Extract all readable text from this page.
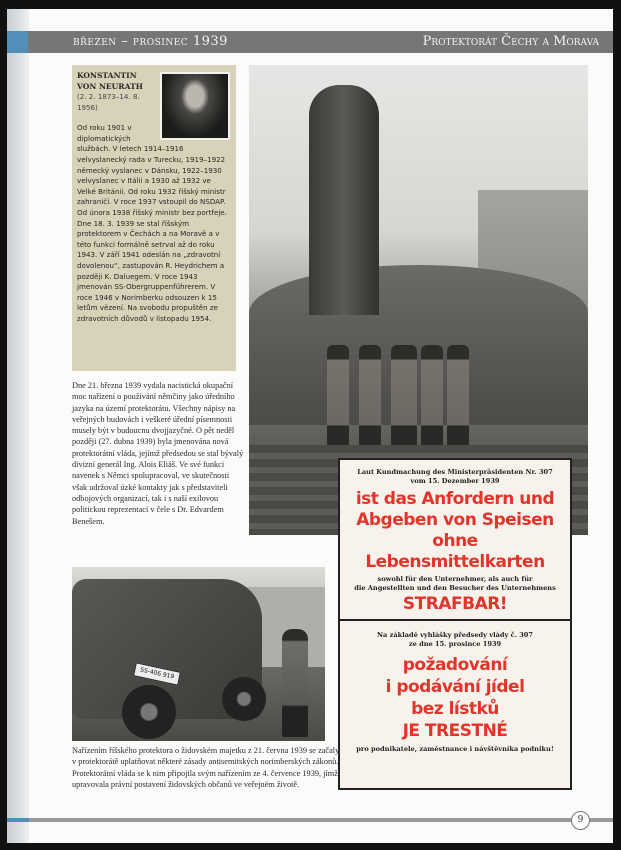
březen – prosinec 1939	Protektorát Čechy a Morava
KONSTANTIN
VON NEURATH
(2. 2. 1873–14. 8. 1956)
Od roku 1901 v diplomatických službách. V letech 1914–1916 velvyslanecký rada v Turecku, 1919–1922 německý vyslanec v Dánsku, 1922–1930 velvyslanec v Itálii a 1930 až 1932 ve Velké Británii. Od roku 1932 říšský ministr zahraničí. V roce 1937 vstoupil do NSDAP. Od února 1938 říšský ministr bez portfeje. Dne 18. 3. 1939 se stal říšským protektorem v Čechách a na Moravě a v této funkci formálně setrval až do roku 1943. V září 1941 odeslán na „zdravotní dovolenou“, zastupován R. Heydrichem a později K. Daluegem. V roce 1943 jmenován SS-Obergruppenführerem. V roce 1946 v Norimberku odsouzen k 15 letům vězení. Na svobodu propuštěn ze zdravotních důvodů v listopadu 1954.
Dne 21. března 1939 vydala nacistická okupační moc nařízení o používání němčiny jako úředního jazyka na území protektorátu. Všechny nápisy na veřejných budovách i veškeré úřední písemnosti musely být v budoucnu dvojjazyčné. O pět neděl později (27. dubna 1939) byla jmenována nová protektorátní vláda, jejímž předsedou se stal bývalý divizní generál Ing. Alois Eliáš. Ve své funkci navenek s Němci spolupracoval, ve skutečnosti však udržoval úzké kontakty jak s představiteli odbojových organizací, tak i s naší exilovou politickou reprezentací v čele s Dr. Edvardem Benešem.
Laut Kundmachung des Ministerpräsidenten Nr. 307
vom 15. Dezember 1939
ist das Anfordern und
Abgeben von Speisen
ohne
Lebensmittelkarten
sowohl für den Unternehmer, als auch für
die Angestellten und den Besucher des Unternehmens
STRAFBAR!
Na základě vyhlášky předsedy vlády č. 307
ze dne 15. prosince 1939
požadování
i podávání jídel
bez lístků
JE TRESTNÉ
pro podnikatele, zaměstnance i návštěvníka podniku!
SS-406 919
Nařízením říšského protektora o židovském majetku z 21. června 1939 se začaly v protektorátě uplatňovat některé zásady antisemitských norimberských zákonů. Protektorátní vláda se k nim připojila svým nařízením ze 4. července 1939, jímž upravovala právní postavení židovských občanů ve veřejném životě.
9
